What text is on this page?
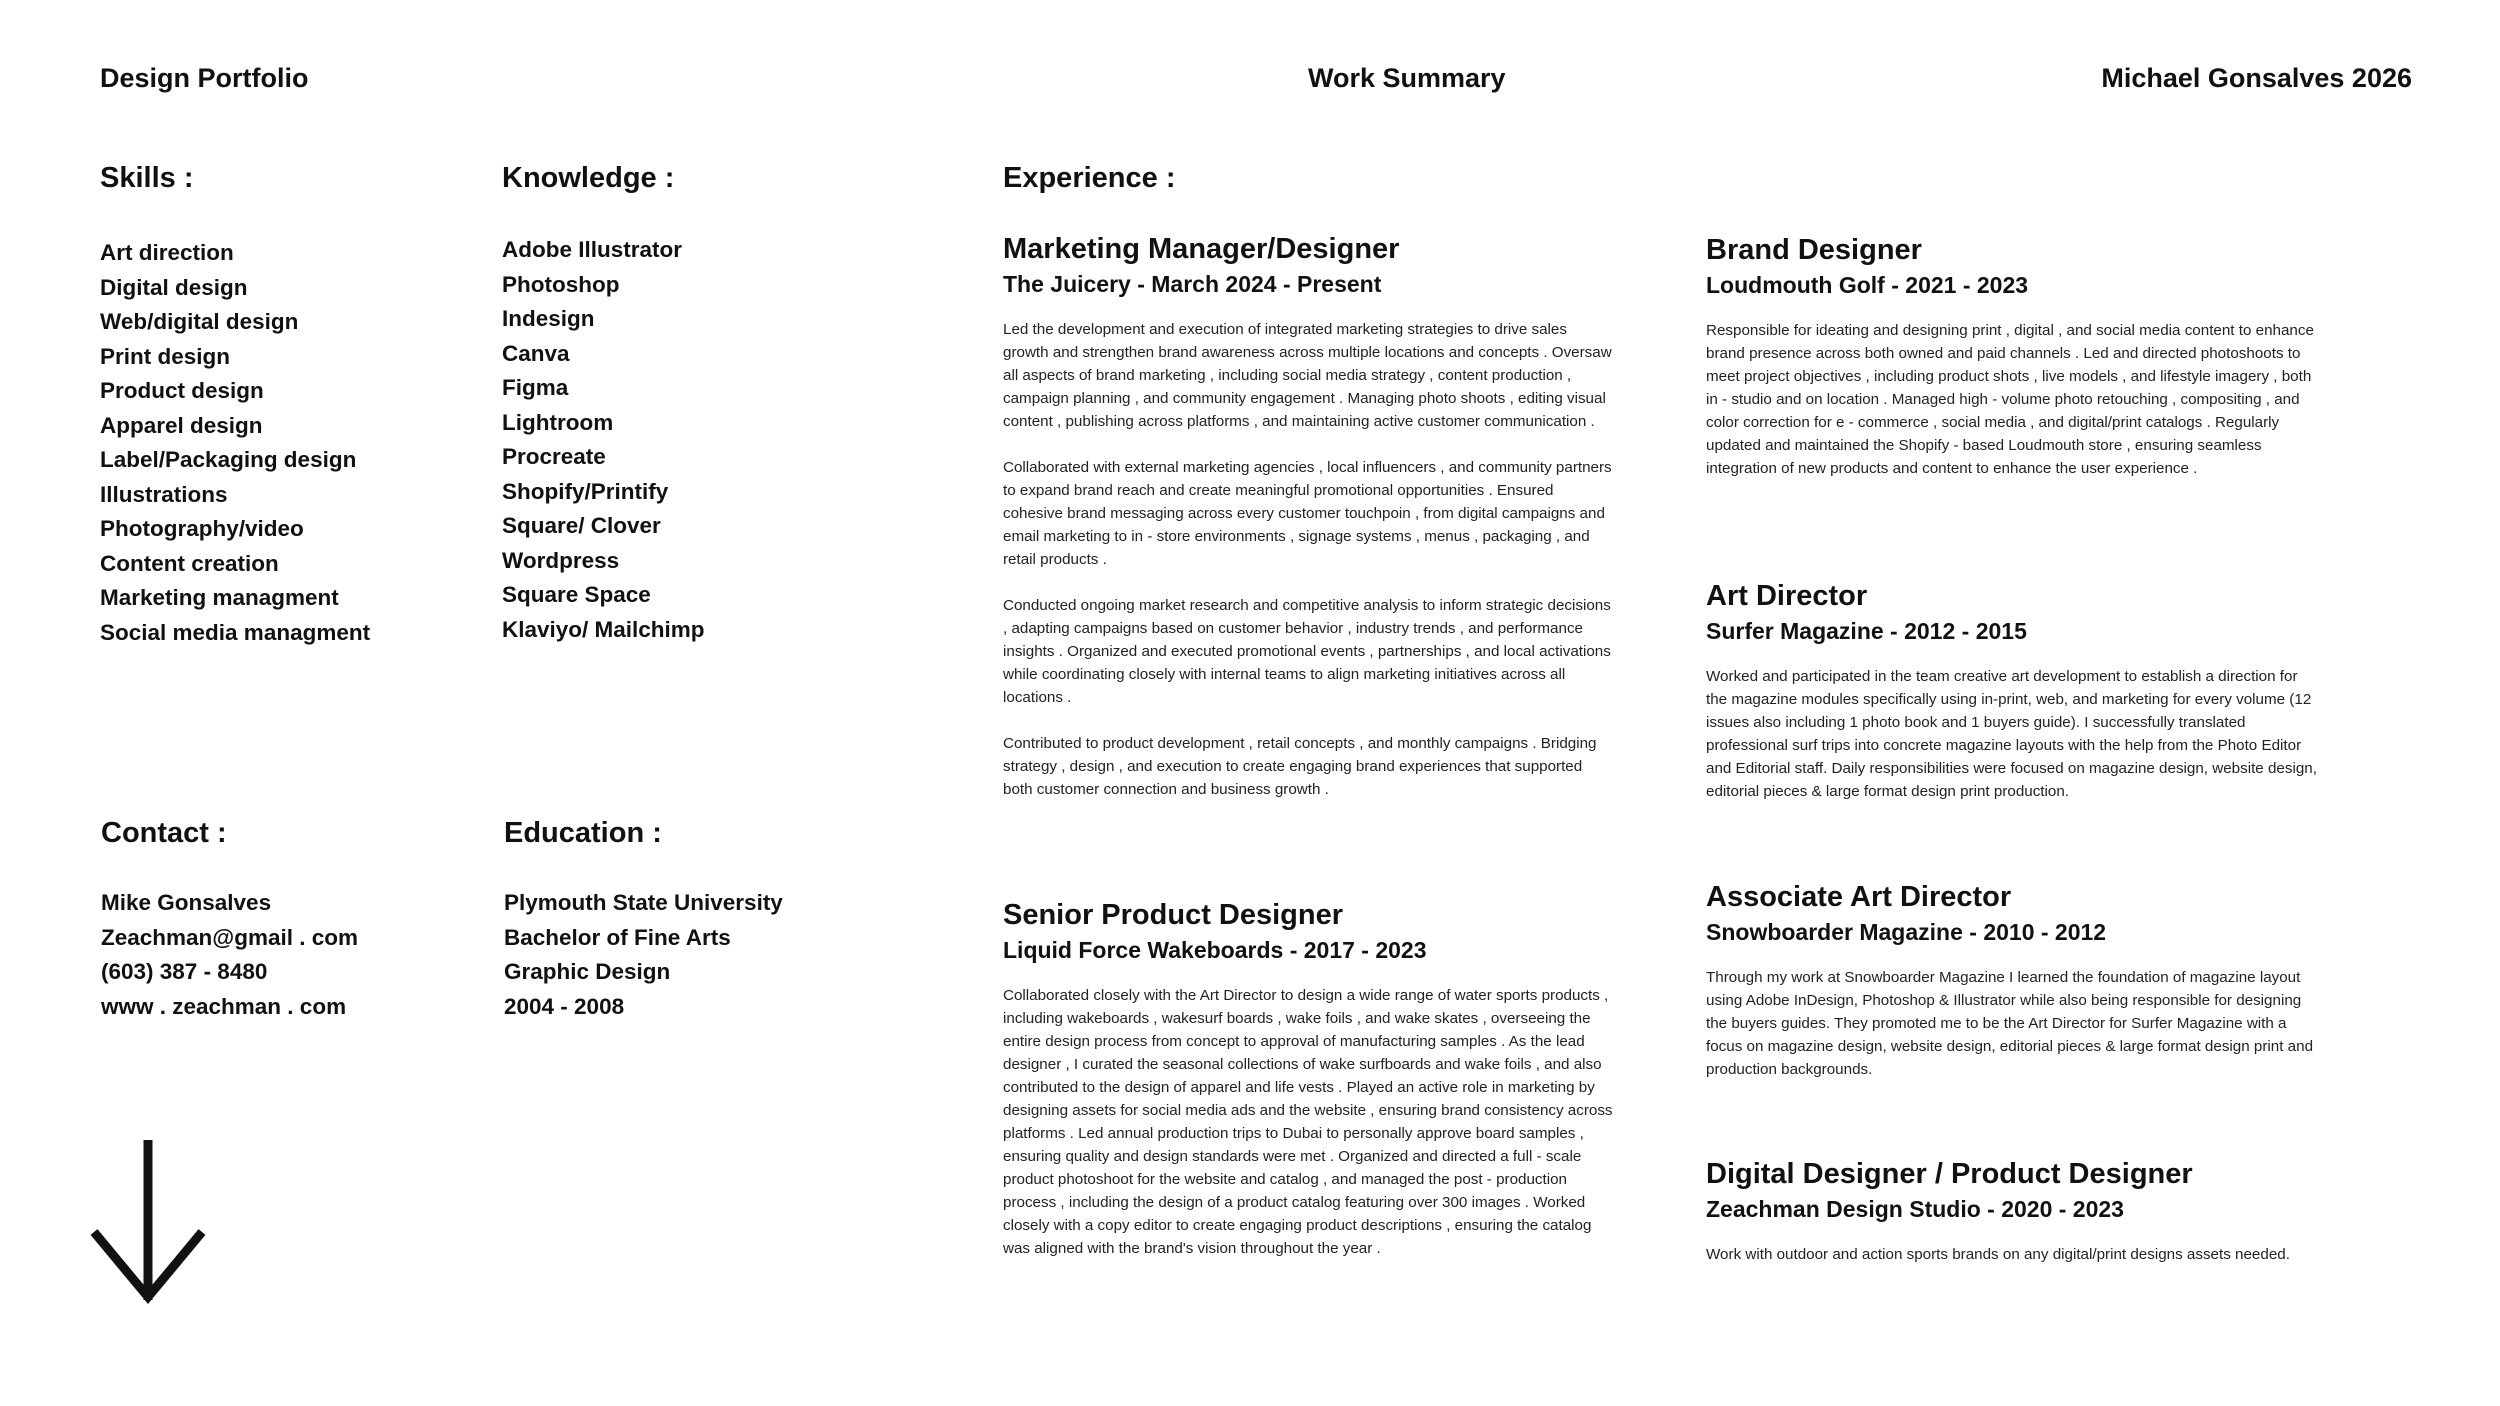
Design Portfolio	Work Summary	Michael Gonsalves 2026
Skills :
Art direction
Digital design
Web/digital design
Print design
Product design
Apparel design
Label/Packaging design
Illustrations
Photography/video
Content creation
Marketing managment
Social media managment
Knowledge :
Adobe Illustrator
Photoshop
Indesign
Canva
Figma
Lightroom
Procreate
Shopify/Printify
Square/ Clover
Wordpress
Square Space
Klaviyo/ Mailchimp
Contact :
Mike Gonsalves
Zeachman@gmail . com
(603) 387 - 8480
www . zeachman . com
Education :
Plymouth State University
Bachelor of Fine Arts
Graphic Design
2004 - 2008
Experience :
Marketing Manager/Designer
The Juicery - March 2024 - Present

Led the development and execution of integrated marketing strategies to drive sales growth and strengthen brand awareness across multiple locations and concepts . Oversaw all aspects of brand marketing , including social media strategy , content production , campaign planning , and community engagement . Managing photo shoots , editing visual content , publishing across platforms , and maintaining active customer communication .

Collaborated with external marketing agencies , local influencers , and community partners to expand brand reach and create meaningful promotional opportunities . Ensured cohesive brand messaging across every customer touchpoin , from digital campaigns and email marketing to in - store environments , signage systems , menus , packaging , and retail products .

Conducted ongoing market research and competitive analysis to inform strategic decisions , adapting campaigns based on customer behavior , industry trends , and performance insights . Organized and executed promotional events , partnerships , and local activations while coordinating closely with internal teams to align marketing initiatives across all locations .

Contributed to product development , retail concepts , and monthly campaigns . Bridging strategy , design , and execution to create engaging brand experiences that supported both customer connection and business growth .

Senior Product Designer
Liquid Force Wakeboards - 2017 - 2023

Collaborated closely with the Art Director to design a wide range of water sports products , including wakeboards , wakesurf boards , wake foils , and wake skates , overseeing the entire design process from concept to approval of manufacturing samples . As the lead designer , I curated the seasonal collections of wake surfboards and wake foils , and also contributed to the design of apparel and life vests . Played an active role in marketing by designing assets for social media ads and the website , ensuring brand consistency across platforms . Led annual production trips to Dubai to personally approve board samples , ensuring quality and design standards were met . Organized and directed a full - scale product photoshoot for the website and catalog , and managed the post - production process , including the design of a product catalog featuring over 300 images . Worked closely with a copy editor to create engaging product descriptions , ensuring the catalog was aligned with the brand's vision throughout the year .

Brand Designer
Loudmouth Golf - 2021 - 2023

Responsible for ideating and designing print , digital , and social media content to enhance brand presence across both owned and paid channels . Led and directed photoshoots to meet project objectives , including product shots , live models , and lifestyle imagery , both in - studio and on location . Managed high - volume photo retouching , compositing , and color correction for e - commerce , social media , and digital/print catalogs . Regularly updated and maintained the Shopify - based Loudmouth store , ensuring seamless integration of new products and content to enhance the user experience .

Art Director
Surfer Magazine - 2012 - 2015

Worked and participated in the team creative art development to establish a direction for the magazine modules specifically using in-print, web, and marketing for every volume (12 issues also including 1 photo book and 1 buyers guide). I successfully translated professional surf trips into concrete magazine layouts with the help from the Photo Editor and Editorial staff. Daily responsibilities were focused on magazine design, website design, editorial pieces & large format design print production.

Associate Art Director
Snowboarder Magazine - 2010 - 2012

Through my work at Snowboarder Magazine I learned the foundation of magazine layout using Adobe InDesign, Photoshop & Illustrator while also being responsible for designing the buyers guides. They promoted me to be the Art Director for Surfer Magazine with a focus on magazine design, website design, editorial pieces & large format design print and production backgrounds.

Digital Designer / Product Designer
Zeachman Design Studio - 2020 - 2023

Work with outdoor and action sports brands on any digital/print designs assets needed.
